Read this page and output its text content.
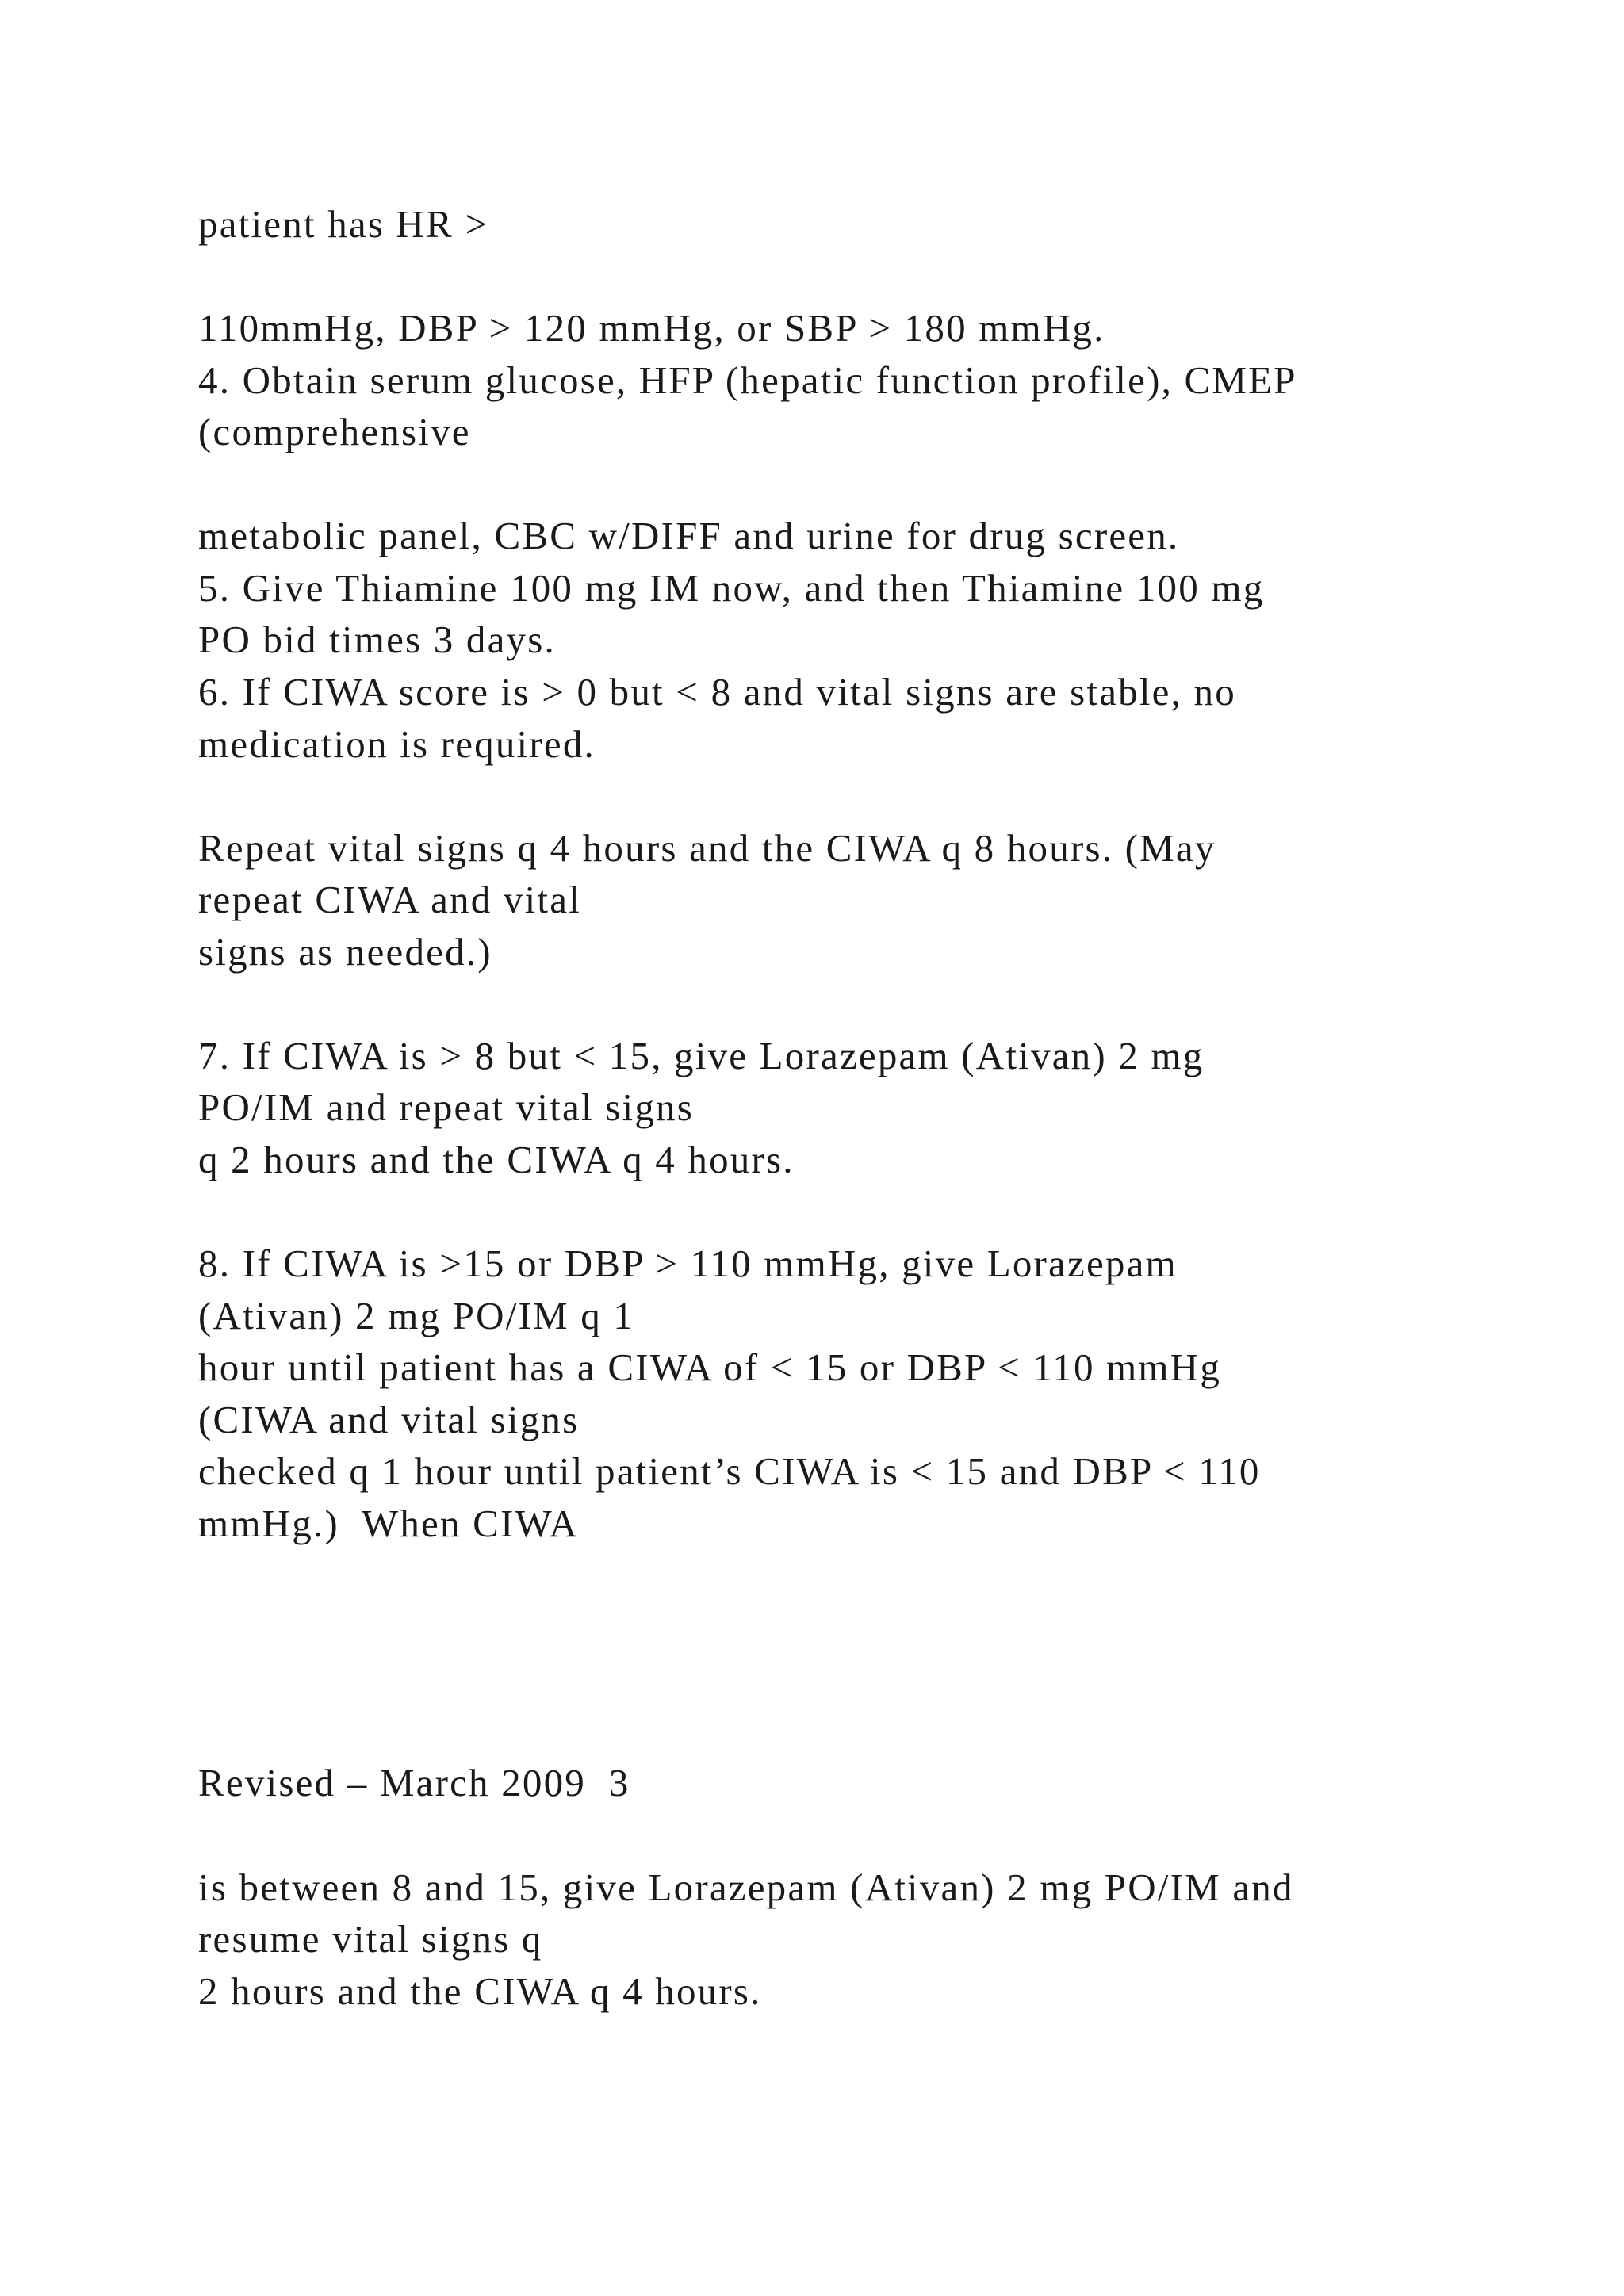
patient has HR >
110mmHg, DBP > 120 mmHg, or SBP > 180 mmHg.
4. Obtain serum glucose, HFP (hepatic function profile), CMEP
(comprehensive
metabolic panel, CBC w/DIFF and urine for drug screen.
5. Give Thiamine 100 mg IM now, and then Thiamine 100 mg
PO bid times 3 days.
6. If CIWA score is > 0 but < 8 and vital signs are stable, no
medication is required.
Repeat vital signs q 4 hours and the CIWA q 8 hours. (May
repeat CIWA and vital
signs as needed.)
7. If CIWA is > 8 but < 15, give Lorazepam (Ativan) 2 mg
PO/IM and repeat vital signs
q 2 hours and the CIWA q 4 hours.
8. If CIWA is >15 or DBP > 110 mmHg, give Lorazepam
(Ativan) 2 mg PO/IM q 1
hour until patient has a CIWA of < 15 or DBP < 110 mmHg
(CIWA and vital signs
checked q 1 hour until patient’s CIWA is < 15 and DBP < 110
mmHg.)  When CIWA
Revised – March 2009  3
is between 8 and 15, give Lorazepam (Ativan) 2 mg PO/IM and
resume vital signs q
2 hours and the CIWA q 4 hours.
